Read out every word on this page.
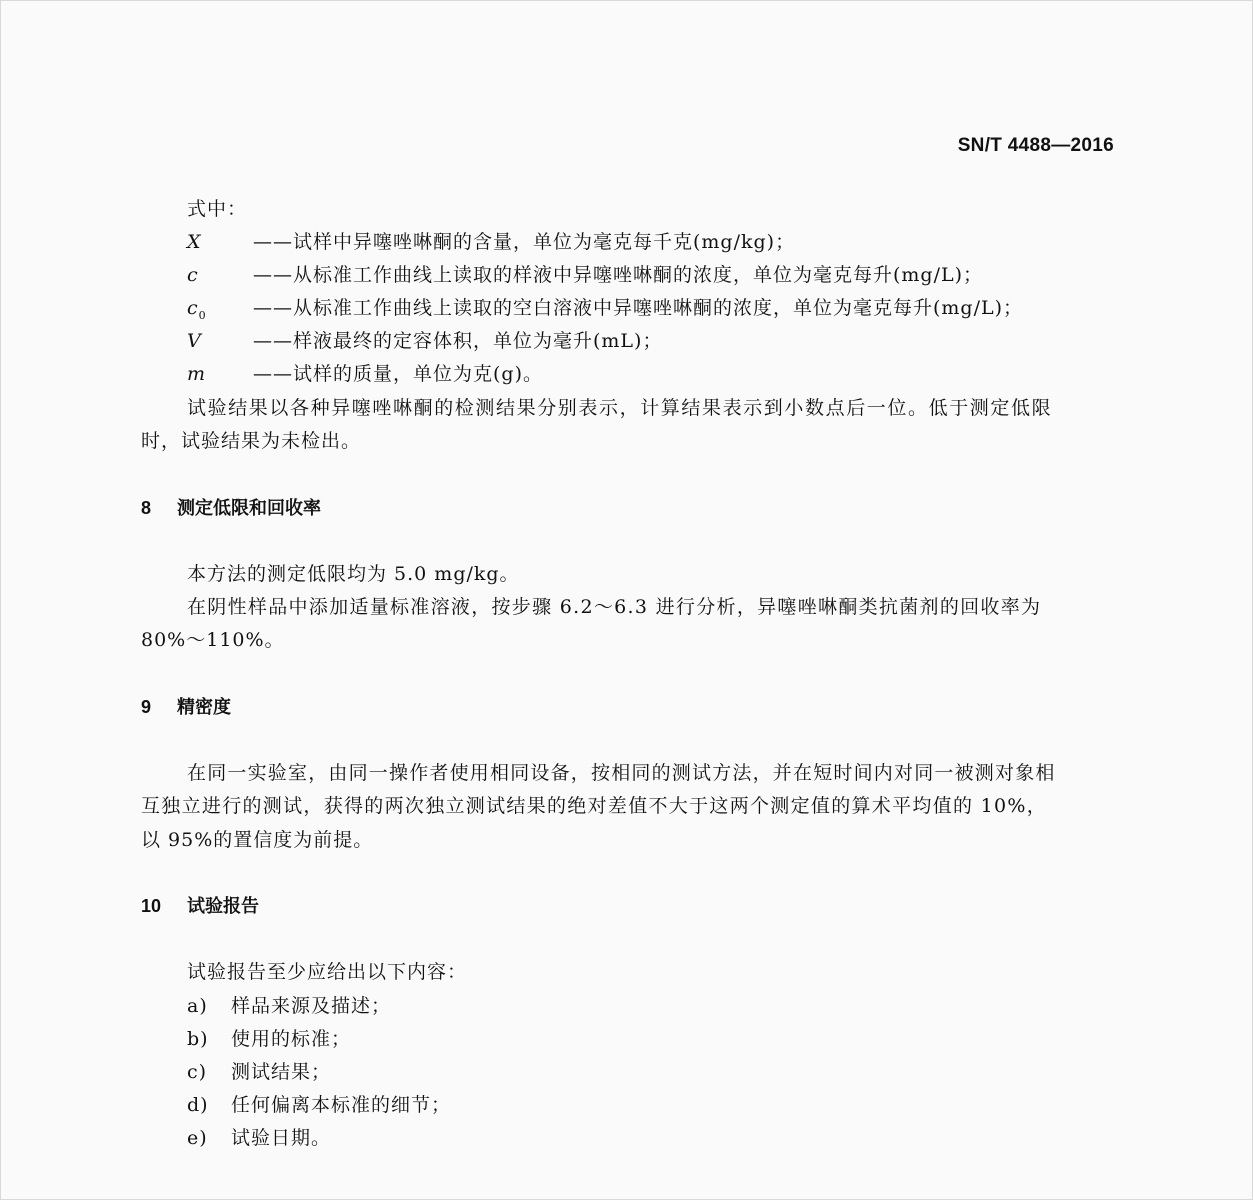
SN/T 4488—2016
式中：
X	——试样中异噻唑啉酮的含量，单位为毫克每千克(mg/kg)；
c	——从标准工作曲线上读取的样液中异噻唑啉酮的浓度，单位为毫克每升(mg/L)；
$c_0$ ——从标准工作曲线上读取的空白溶液中异噻唑啉酮的浓度，单位为毫克每升(mg/L)；
V	——样液最终的定容体积，单位为毫升(mL)；
m ——试样的质量，单位为克(g)。
试验结果以各种异噻唑啉酮的检测结果分别表示，计算结果表示到小数点后一位。低于测定低限
时，试验结果为未检出。
8 测定低限和回收率
本方法的测定低限均为 5.0 mg/kg。
在阴性样品中添加适量标准溶液，按步骤 6.2～6.3 进行分析，异噻唑啉酮类抗菌剂的回收率为
80%～110%。
9 精密度
在同一实验室，由同一操作者使用相同设备，按相同的测试方法，并在短时间内对同一被测对象相
互独立进行的测试，获得的两次独立测试结果的绝对差值不大于这两个测定值的算术平均值的 10%，
以 95%的置信度为前提。
10 试验报告
试验报告至少应给出以下内容：
a) 样品来源及描述；
b) 使用的标准；
c) 测试结果；
d) 任何偏离本标准的细节；
e) 试验日期。
